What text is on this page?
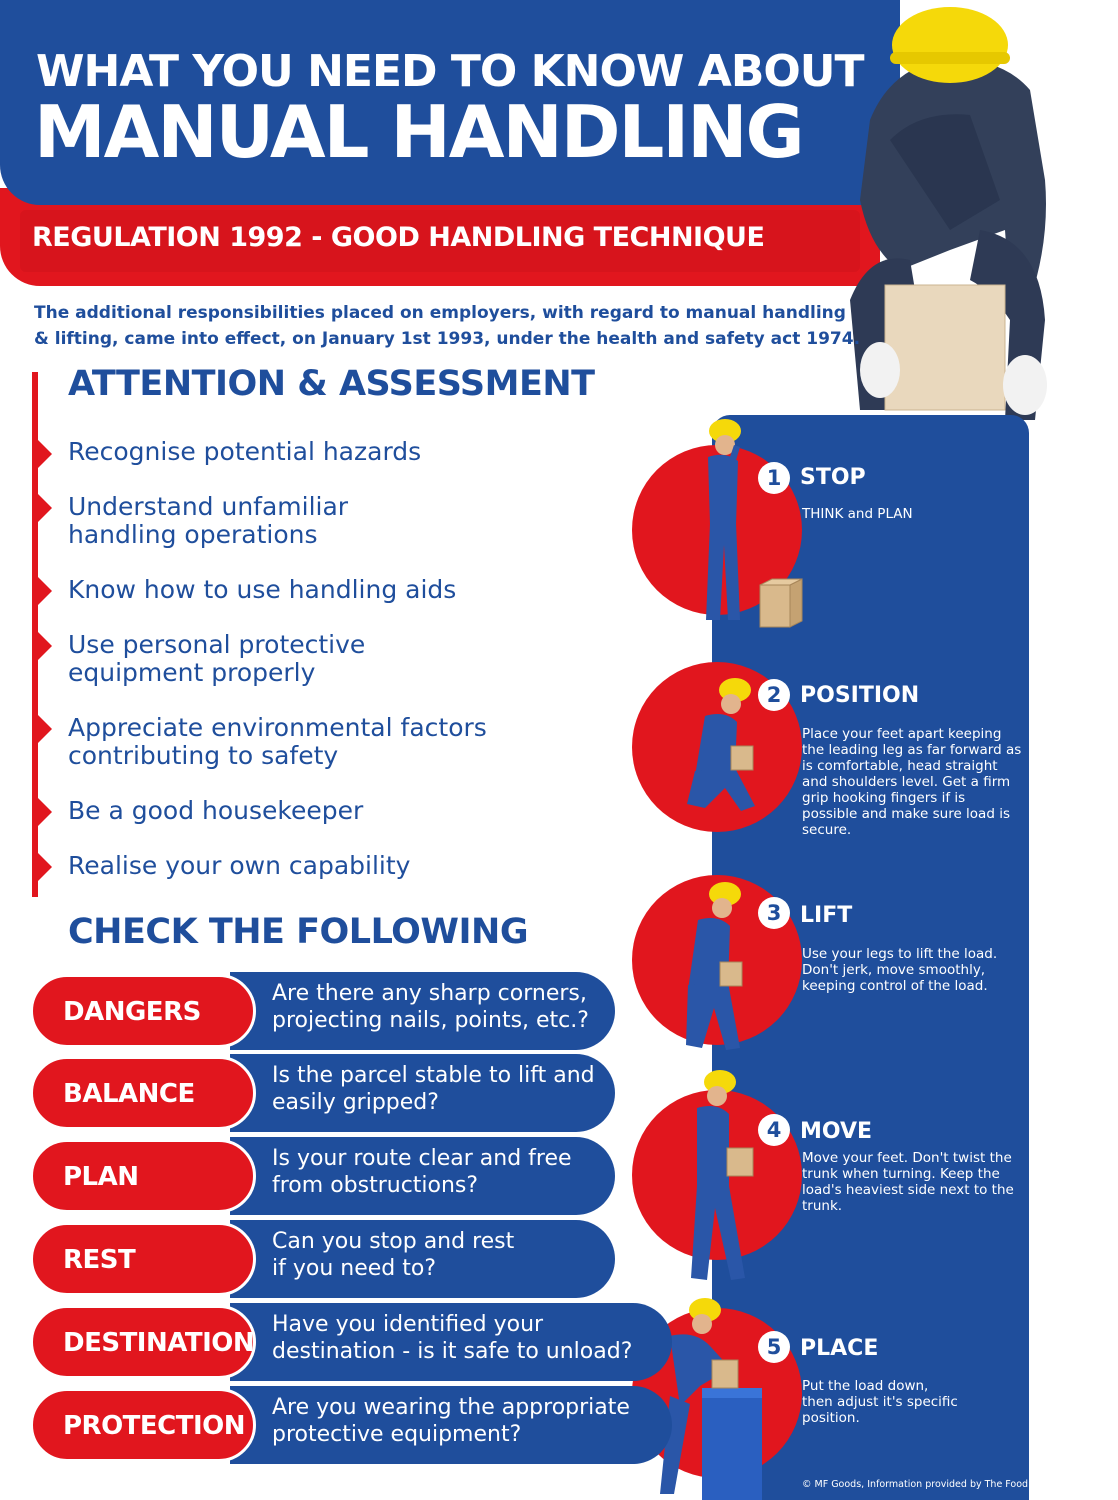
WHAT YOU NEED TO KNOW ABOUT
MANUAL HANDLING
REGULATION 1992 - GOOD HANDLING TECHNIQUE
The additional responsibilities placed on employers, with regard to manual handling & lifting, came into effect, on January 1st 1993, under the health and safety act 1974.
ATTENTION & ASSESSMENT
Recognise potential hazards
Understand unfamiliar handling operations
Know how to use handling aids
Use personal protective equipment properly
Appreciate environmental factors contributing to safety
Be a good housekeeper
Realise your own capability
CHECK THE FOLLOWING
1 STOP
THINK and PLAN
2 POSITION
Place your feet apart keeping the leading leg as far forward as is comfortable, head straight and shoulders level. Get a firm grip hooking fingers if is possible and make sure load is secure.
3 LIFT
Use your legs to lift the load. Don't jerk, move smoothly, keeping control of the load.
4 MOVE
Move your feet. Don't twist the trunk when turning. Keep the load's heaviest side next to the trunk.
5 PLACE
Put the load down, then adjust it's specific position.
DANGERS
Are there any sharp corners,
projecting nails, points, etc.?
BALANCE
Is the parcel stable to lift and
easily gripped?
PLAN
Is your route clear and free
from obstructions?
REST
Can you stop and rest
if you need to?
DESTINATION
Have you identified your
destination - is it safe to unload?
PROTECTION
Are you wearing the appropriate
protective equipment?
© MF Goods, Information provided by The Food Standards Agency
